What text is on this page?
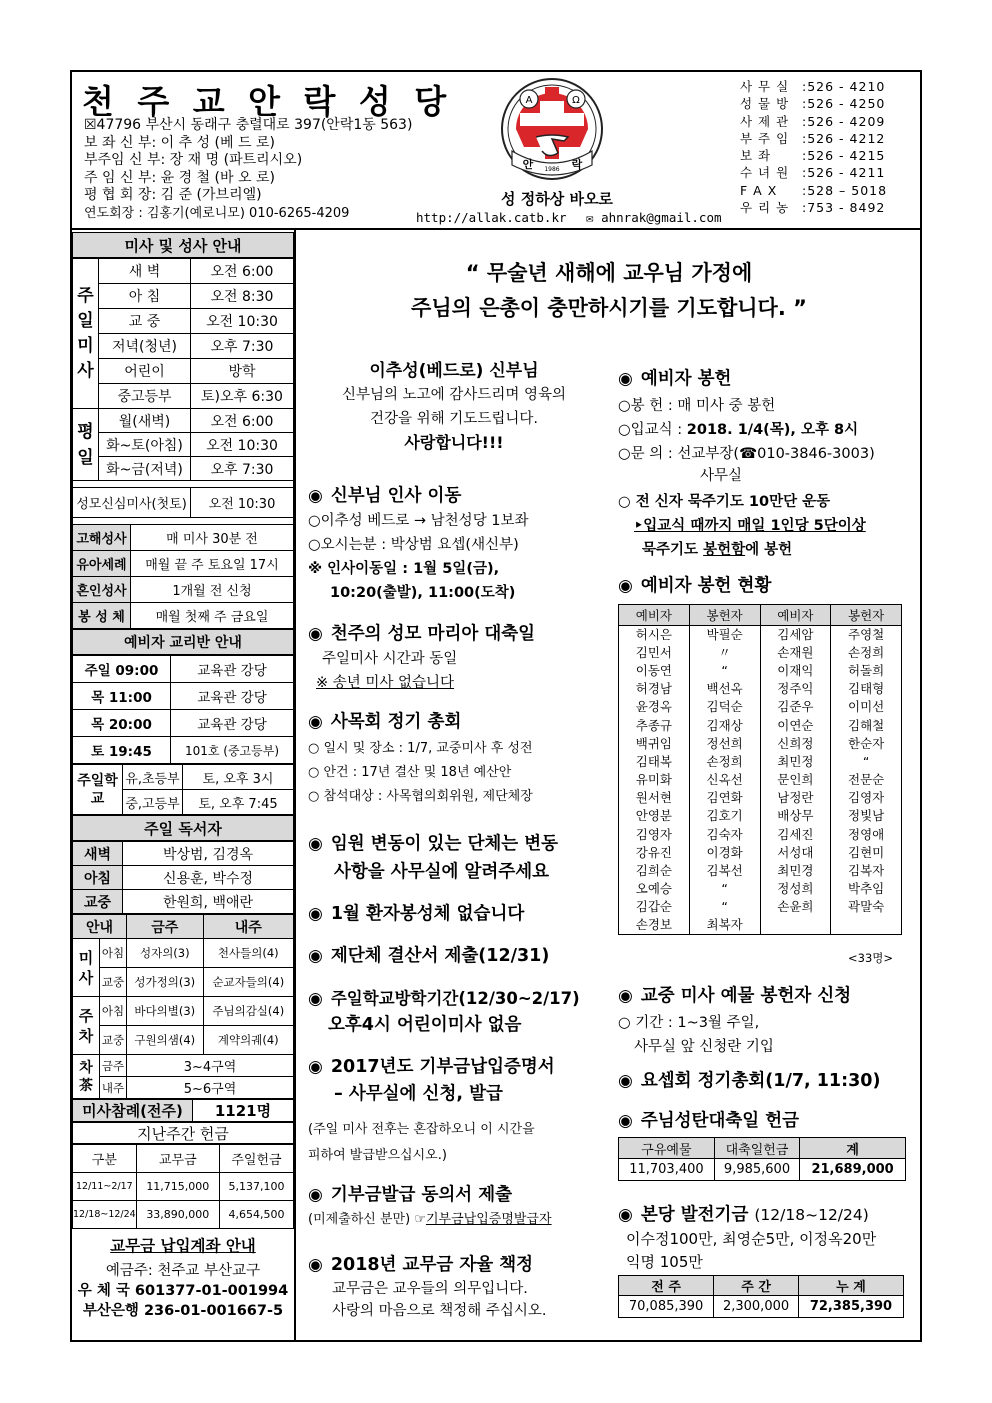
천 주 교 안 락 성 당
☒47796 부산시 동래구 충렬대로 397(안락1동 563)
보 좌 신 부: 이 추 성 (베 드 로)
부주임 신 부: 장 재 명 (파트리시오)
주 임 신 부: 윤 경 철 (바 오 로)
평 협 회 장: 김 준 (가브리엘)
연도회장 : 김홍기(예로니모) 010-6265-4209
A	Ω
안 1986 락
성 정하상 바오로
http://allak.catb.kr ✉ ahnrak@gmail.com
사 무 실	: 526 - 4210
성 물 방	: 526 - 4250
사 제 관	: 526 - 4209
부 주 임	: 526 - 4212
보 좌	: 526 - 4215
수 녀 원	: 526 - 4211
F A X	: 528 – 5018
우 리 농	: 753 - 8492
미사 및 성사 안내
주일미사	새 벽	오전 6:00
	아 침	오전 8:30
	교 중	오전 10:30
	저녁(청년)	오후 7:30
	어린이	방학
	중고등부	토)오후 6:30
평일	월(새벽)	오전 6:00
	화~토(아침)	오전 10:30
	화~금(저녁)	오후 7:30
성모신심미사(첫토)	오전 10:30
고해성사	매 미사 30분 전
유아세례	매월 끝 주 토요일 17시
혼인성사	1개월 전 신청
봉 성 체	매월 첫째 주 금요일
예비자 교리반 안내
주일 09:00	교육관 강당
목 11:00	교육관 강당
목 20:00	교육관 강당
토 19:45	101호 (중고등부)
주일학교	유,초등부	토, 오후 3시
	중,고등부	토, 오후 7:45
주일 독서자
새벽	박상범, 김경옥
아침	신용훈, 박수정
교중	한원희, 백애란
안내		금주	내주
미사	아침	성자의(3)	천사들의(4)
	교중	성가정의(3)	순교자들의(4)
주차	아침	바다의별(3)	주님의감실(4)
	교중	구원의샘(4)	계약의궤(4)
차茶	금주	3~4구역	
	내주	5~6구역	
미사참례(전주)	1121명
지난주간 헌금
구분	교무금	주일헌금
12/11~2/17	11,715,000	5,137,100
12/18~12/24	33,890,000	4,654,500
교무금 납입계좌 안내
예금주: 천주교 부산교구
우 체 국 601377-01-001994
부산은행 236-01-001667-5
“ 무술년 새해에 교우님 가정에
주님의 은총이 충만하시기를 기도합니다. ”
이추성(베드로) 신부님
신부님의 노고에 감사드리며 영육의
건강을 위해 기도드립니다.
사랑합니다!!!
◉ 신부님 인사 이동
○이추성 베드로 → 남천성당 1보좌
○오시는분 : 박상범 요셉(새신부)
※ 인사이동일 : 1월 5일(금),
10:20(출발), 11:00(도착)
◉ 천주의 성모 마리아 대축일
주일미사 시간과 동일
※ 송년 미사 없습니다
◉ 사목회 정기 총회
○ 일시 및 장소 : 1/7, 교중미사 후 성전
○ 안건 : 17년 결산 및 18년 예산안
○ 참석대상 : 사목협의회위원, 제단체장
◉ 임원 변동이 있는 단체는 변동
사항을 사무실에 알려주세요
◉ 1월 환자봉성체 없습니다
◉ 제단체 결산서 제출(12/31)
◉ 주일학교방학기간(12/30~2/17)
오후4시 어린이미사 없음
◉ 2017년도 기부금납입증명서
– 사무실에 신청, 발급
(주일 미사 전후는 혼잡하오니 이 시간을
피하여 발급받으십시오.)
◉ 기부금발급 동의서 제출
(미제출하신 분만) ☞기부금납입증명발급자
◉ 2018년 교무금 자율 책정
교무금은 교우들의 의무입니다.
사랑의 마음으로 책정해 주십시오.
◉ 예비자 봉헌
○봉 헌 : 매 미사 중 봉헌
○입교식 : 2018. 1/4(목), 오후 8시
○문 의 : 선교부장(☎010-3846-3003)
사무실
○ 전 신자 묵주기도 10만단 운동
‣입교식 때까지 매일 1인당 5단이상
묵주기도 봉헌함에 봉헌
◉ 예비자 봉헌 현황
예비자	봉헌자	예비자	봉헌자
허시은	박필순	김세암	주영철
김민서	〃	손재원	손정희
이동연	“	이재익	허돌희
허경남	백선옥	정주익	김태형
윤경옥	김덕순	김준우	이미선
추종규	김재상	이연순	김해철
백귀임	정선희	신희정	한순자
김태복	손정희	최민정	“
유미화	신옥선	문인희	전문순
원서현	김연화	남정란	김영자
안영분	김호기	배상무	정빛남
김영자	김숙자	김세진	정영애
강유진	이경화	서성대	김현미
김희순	김복선	최민경	김복자
오예승	“	정성희	박추임
김갑순	“	손윤희	곽말숙
손경보	최복자		
<33명>
◉ 교중 미사 예물 봉헌자 신청
○ 기간 : 1~3월 주일,
사무실 앞 신청란 기입
◉ 요셉회 정기총회(1/7, 11:30)
◉ 주님성탄대축일 헌금
구유예물	대축일헌금	계
11,703,400	9,985,600	21,689,000
◉ 본당 발전기금 (12/18~12/24)
이수정100만, 최영순5만, 이정옥20만
익명 105만
전 주	주 간	누 계
70,085,390	2,300,000	72,385,390
